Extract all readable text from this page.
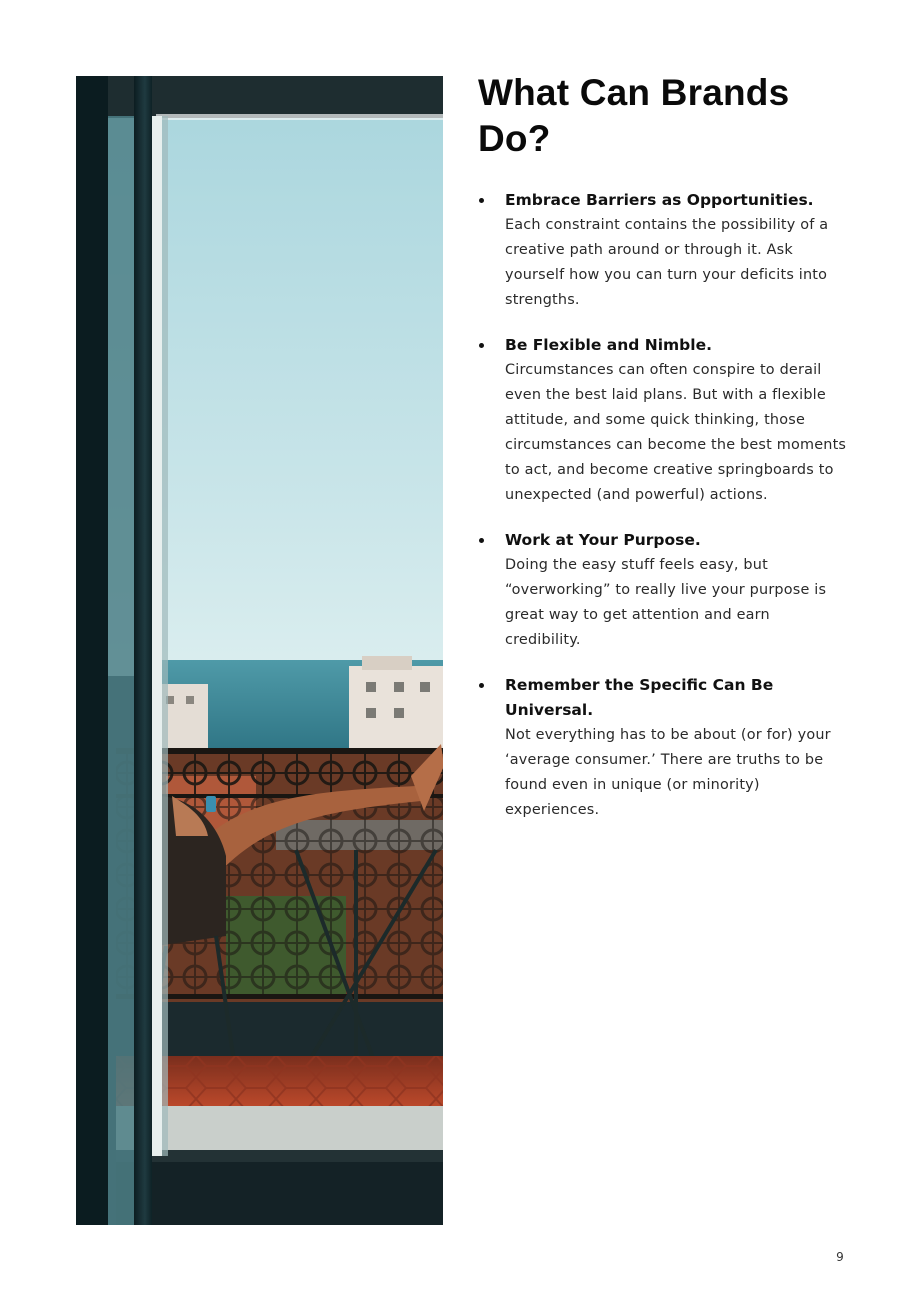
What Can Brands Do?
Embrace Barriers as Opportunities.
Each constraint contains the possibility of a creative path around or through it. Ask yourself how you can turn your deficits into strengths.
Be Flexible and Nimble.
Circumstances can often conspire to derail even the best laid plans. But with a flexible attitude, and some quick thinking, those circumstances can become the best moments to act, and become creative springboards to unexpected (and powerful) actions.
Work at Your Purpose.
Doing the easy stuff feels easy, but “overworking” to really live your purpose is great way to get attention and earn credibility.
Remember the Specific Can Be Universal.
Not everything has to be about (or for) your ‘average consumer.’ There are truths to be found even in unique (or minority) experiences.
9
